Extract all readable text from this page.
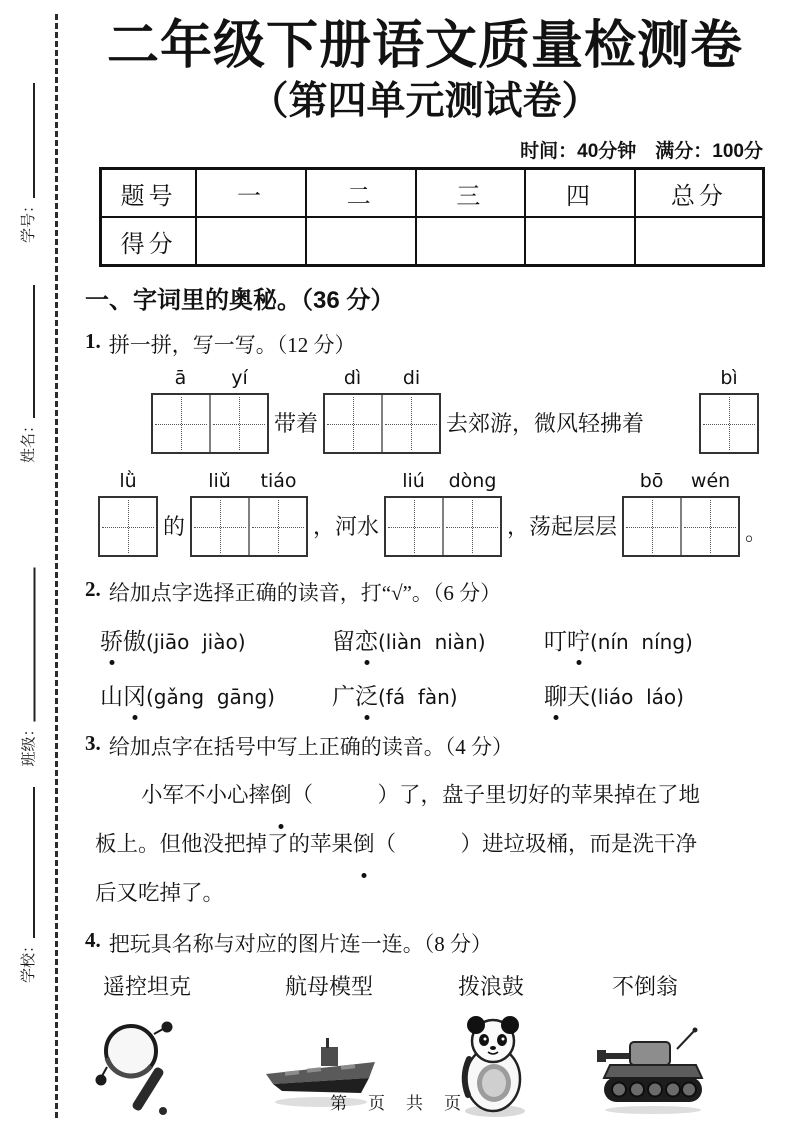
学号：
姓名：
班级：
学校：
二年级下册语文质量检测卷
（第四单元测试卷）
时间：40分钟　满分：100分
题号	一	二	三	四	总分
得分					
一、字词里的奥秘。（36 分）
1. 拼一拼，写一写。（12 分）
ā	yí
带着
dì	di
去郊游，微风轻拂着
bì
lǜ
的
liǔ	tiáo
，河水
liú	dòng
，荡起层层
bō	wén
。
2. 给加点字选择正确的读音，打“√”。（6 分）
骄 傲 (jiāo  jiào)	留 恋 (liàn  niàn)	叮 咛 (nín  níng)
山 冈 (gǎng  gāng) 广 泛 (fá  fàn)	聊 天 (liáo  láo)
3. 给加点字在括号中写上正确的读音。（4 分）
小军不小心摔倒（　　　）了，盘子里切好的苹果掉在了地
板上。但他没把掉了的苹果倒（　　　）进垃圾桶，而是洗干净
后又吃掉了。
4. 把玩具名称与对应的图片连一连。（8 分）
遥控坦克	航母模型	拨浪鼓	不倒翁
第　页　共　页
